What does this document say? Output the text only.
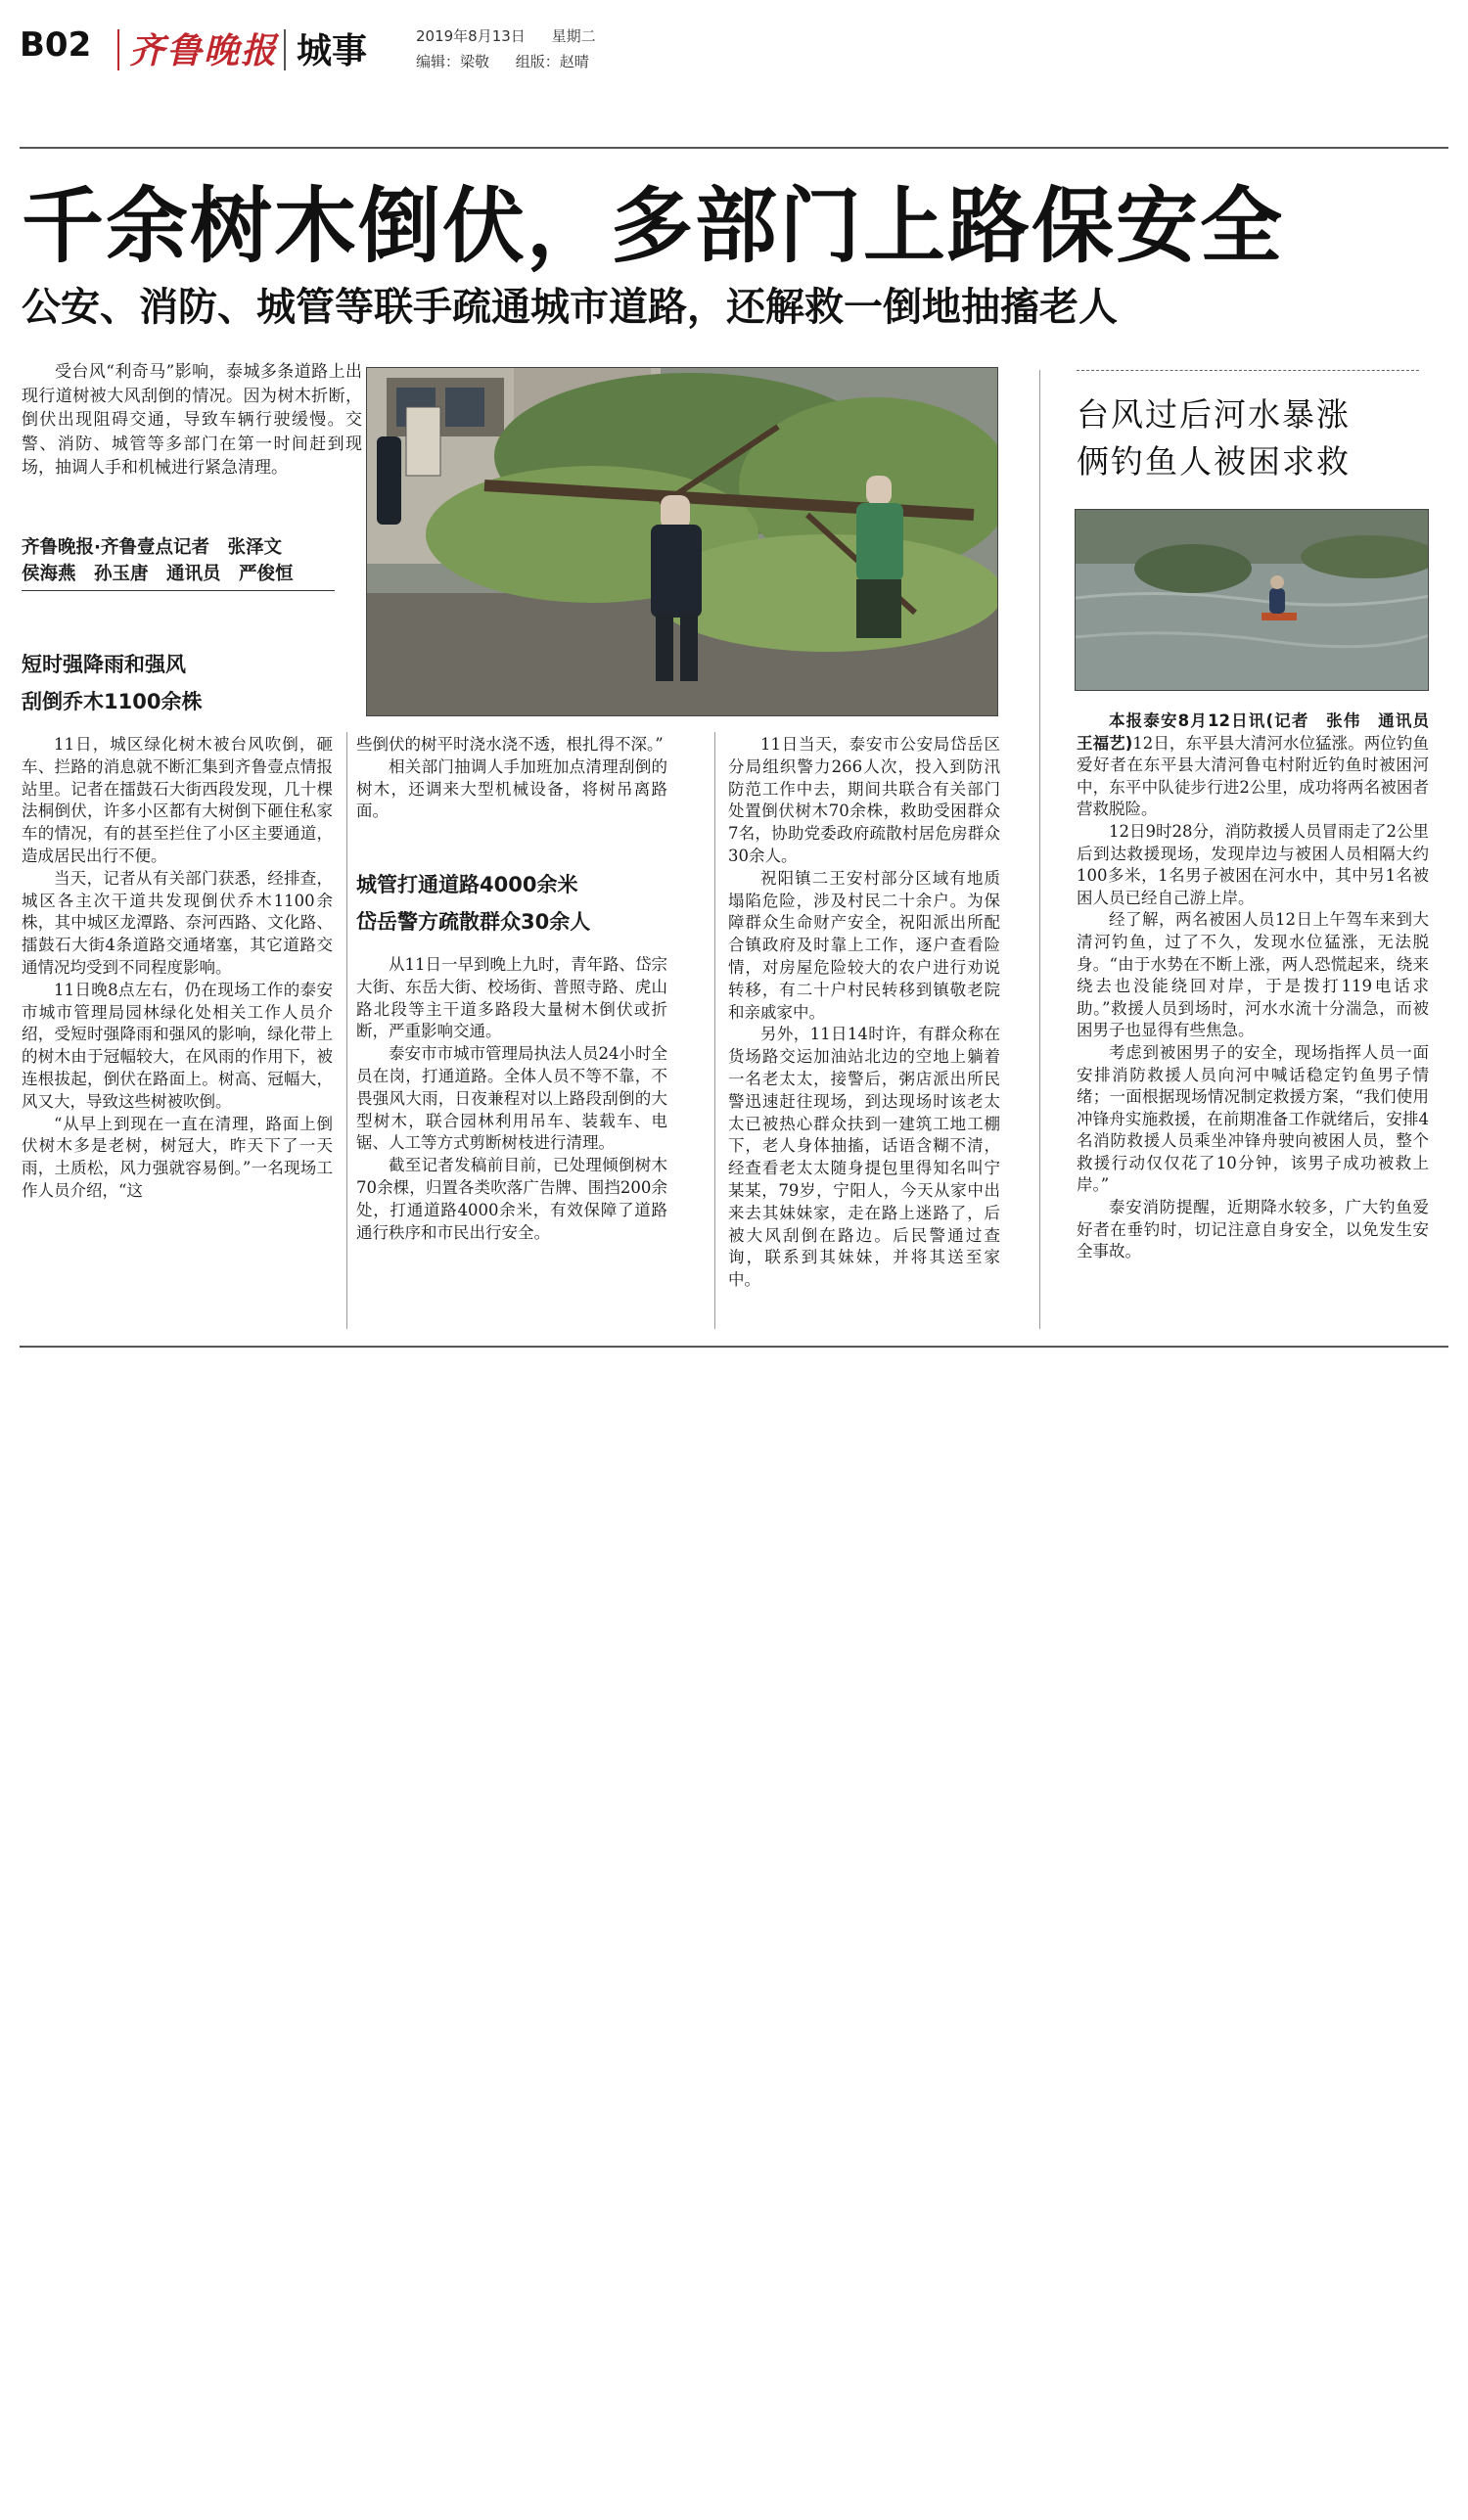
B02 齐鲁晚报 城事	2019年8月13日 星期二
编辑：梁敬 组版：赵晴
千余树木倒伏，多部门上路保安全
公安、消防、城管等联手疏通城市道路，还解救一倒地抽搐老人
受台风“利奇马”影响，泰城多条道路上出现行道树被大风刮倒的情况。因为树木折断，倒伏出现阻碍交通，导致车辆行驶缓慢。交警、消防、城管等多部门在第一时间赶到现场，抽调人手和机械进行紧急清理。
齐鲁晚报·齐鲁壹点记者　张泽文
侯海燕　孙玉唐　通讯员　严俊恒
短时强降雨和强风
刮倒乔木1100余株

11日，城区绿化树木被台风吹倒，砸车、拦路的消息就不断汇集到齐鲁壹点情报站里。记者在擂鼓石大街西段发现，几十棵法桐倒伏，许多小区都有大树倒下砸住私家车的情况，有的甚至拦住了小区主要通道，造成居民出行不便。

当天，记者从有关部门获悉，经排查，城区各主次干道共发现倒伏乔木1100余株，其中城区龙潭路、奈河西路、文化路、擂鼓石大街4条道路交通堵塞，其它道路交通情况均受到不同程度影响。

11日晚8点左右，仍在现场工作的泰安市城市管理局园林绿化处相关工作人员介绍，受短时强降雨和强风的影响，绿化带上的树木由于冠幅较大，在风雨的作用下，被连根拔起，倒伏在路面上。树高、冠幅大，风又大，导致这些树被吹倒。

“从早上到现在一直在清理，路面上倒伏树木多是老树，树冠大，昨天下了一天雨，土质松，风力强就容易倒。”一名现场工作人员介绍，“这

些倒伏的树平时浇水浇不透，根扎得不深。”

相关部门抽调人手加班加点清理刮倒的树木，还调来大型机械设备，将树吊离路面。

城管打通道路4000余米
岱岳警方疏散群众30余人

从11日一早到晚上九时，青年路、岱宗大街、东岳大街、校场街、普照寺路、虎山路北段等主干道多路段大量树木倒伏或折断，严重影响交通。

泰安市市城市管理局执法人员24小时全员在岗，打通道路。全体人员不等不靠，不畏强风大雨，日夜兼程对以上路段刮倒的大型树木，联合园林利用吊车、装载车、电锯、人工等方式剪断树枝进行清理。

截至记者发稿前目前，已处理倾倒树木70余棵，归置各类吹落广告牌、围挡200余处，打通道路4000余米，有效保障了道路通行秩序和市民出行安全。

11日当天，泰安市公安局岱岳区分局组织警力266人次，投入到防汛防范工作中去，期间共联合有关部门处置倒伏树木70余株，救助受困群众7名，协助党委政府疏散村居危房群众30余人。

祝阳镇二王安村部分区域有地质塌陷危险，涉及村民二十余户。为保障群众生命财产安全，祝阳派出所配合镇政府及时靠上工作，逐户查看险情，对房屋危险较大的农户进行劝说转移，有二十户村民转移到镇敬老院和亲戚家中。

另外，11日14时许，有群众称在货场路交运加油站北边的空地上躺着一名老太太，接警后，粥店派出所民警迅速赶往现场，到达现场时该老太太已被热心群众扶到一建筑工地工棚下，老人身体抽搐，话语含糊不清，经查看老太太随身提包里得知名叫宁某某，79岁，宁阳人，今天从家中出来去其妹妹家，走在路上迷路了，后被大风刮倒在路边。后民警通过查询，联系到其妹妹，并将其送至家中。

台风过后河水暴涨
俩钓鱼人被困求救

本报泰安8月12日讯(记者　张伟　通讯员　王福艺)12日，东平县大清河水位猛涨。两位钓鱼爱好者在东平县大清河鲁屯村附近钓鱼时被困河中，东平中队徒步行进2公里，成功将两名被困者营救脱险。

12日9时28分，消防救援人员冒雨走了2公里后到达救援现场，发现岸边与被困人员相隔大约100多米，1名男子被困在河水中，其中另1名被困人员已经自己游上岸。

经了解，两名被困人员12日上午驾车来到大清河钓鱼，过了不久，发现水位猛涨，无法脱身。“由于水势在不断上涨，两人恐慌起来，绕来绕去也没能绕回对岸，于是拨打119电话求助。”救援人员到场时，河水水流十分湍急，而被困男子也显得有些焦急。

考虑到被困男子的安全，现场指挥人员一面安排消防救援人员向河中喊话稳定钓鱼男子情绪；一面根据现场情况制定救援方案，“我们使用冲锋舟实施救援，在前期准备工作就绪后，安排4名消防救援人员乘坐冲锋舟驶向被困人员，整个救援行动仅仅花了10分钟，该男子成功被救上岸。”

泰安消防提醒，近期降水较多，广大钓鱼爱好者在垂钓时，切记注意自身安全，以免发生安全事故。
